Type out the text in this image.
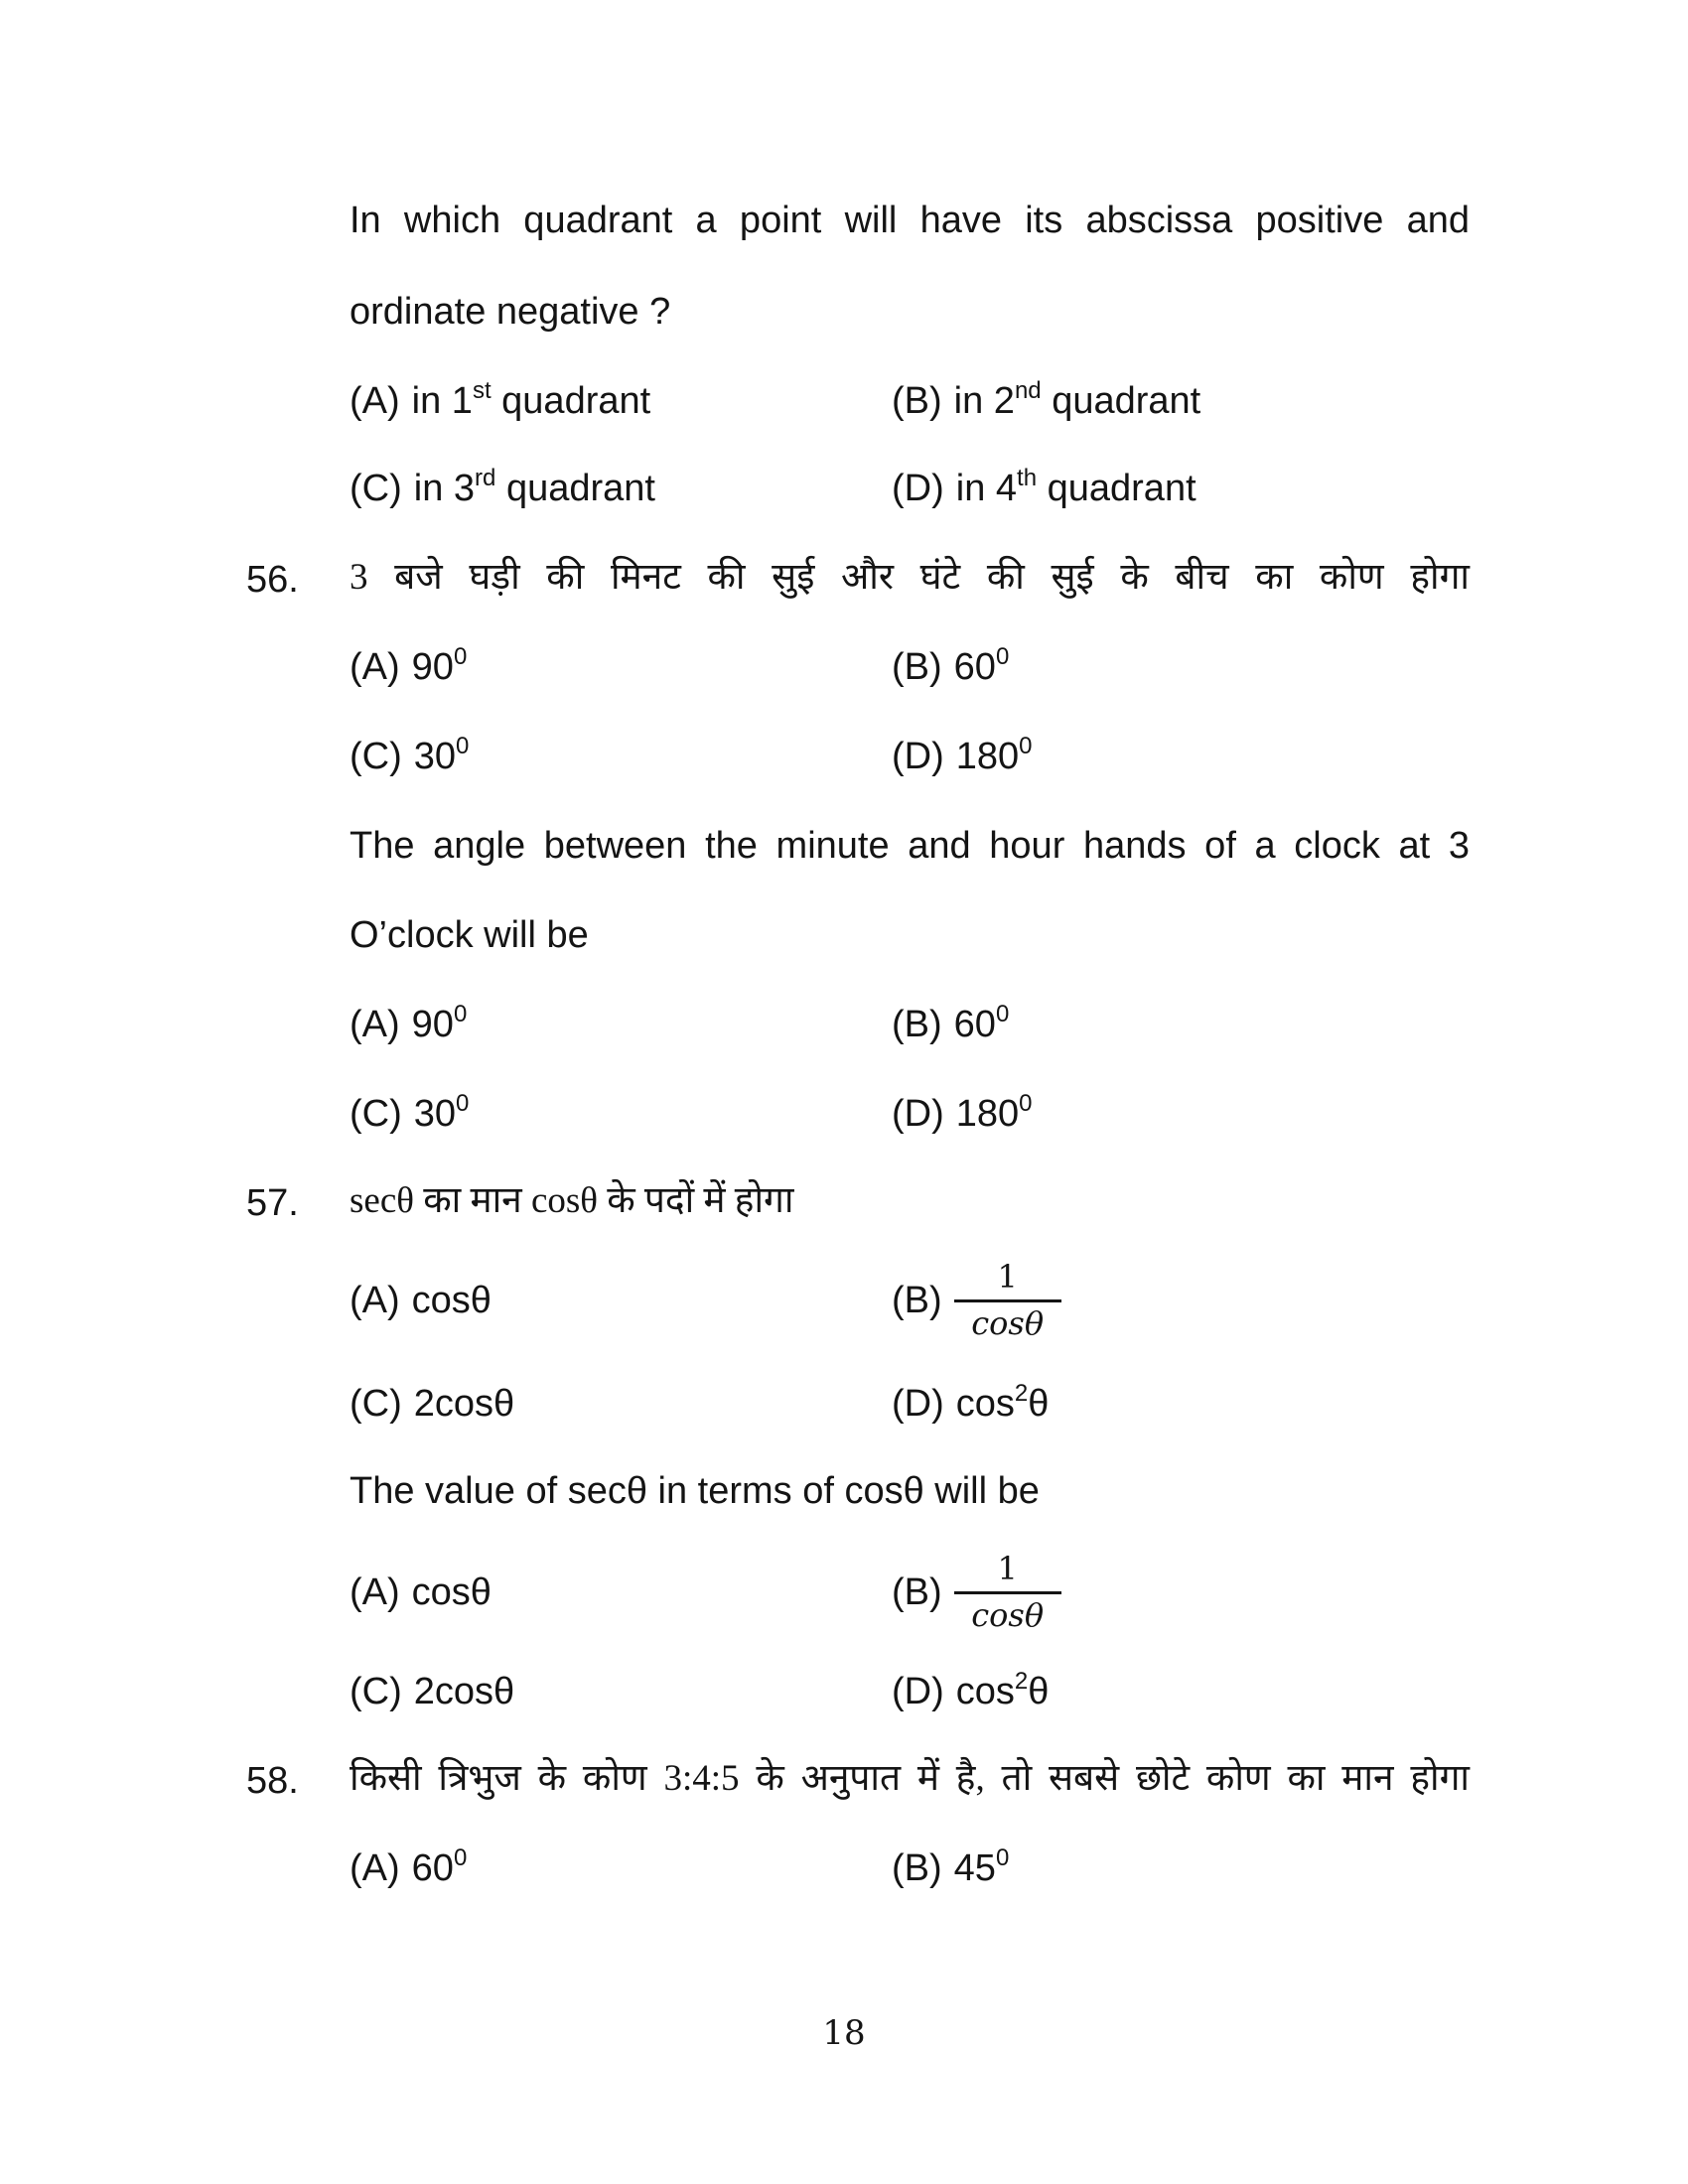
In which quadrant a point will have its abscissa positive and
ordinate negative ?
(A) in 1st quadrant	(B) in 2nd quadrant
(C) in 3rd quadrant	(D) in 4th quadrant
56.	3 बजे घड़ी की मिनट की सुई और घंटे की सुई के बीच का कोण होगा
(A) 900	(B) 600
(C) 300	(D) 1800
The angle between the minute and hour hands of a clock at 3
O’clock will be
(A) 900	(B) 600
(C) 300	(D) 1800
57.	secθ का मान cosθ के पदों में होगा
(A) cosθ	$(B) \frac{1}{\cos\theta}$
(C) 2cosθ	(D) cos2θ
The value of secθ in terms of cosθ will be
(A) cosθ	$(B) \frac{1}{\cos\theta}$
(C) 2cosθ	(D) cos2θ
58.	किसी त्रिभुज के कोण 3:4:5 के अनुपात में है, तो सबसे छोटे कोण का मान होगा
(A) 600	(B) 450
18
